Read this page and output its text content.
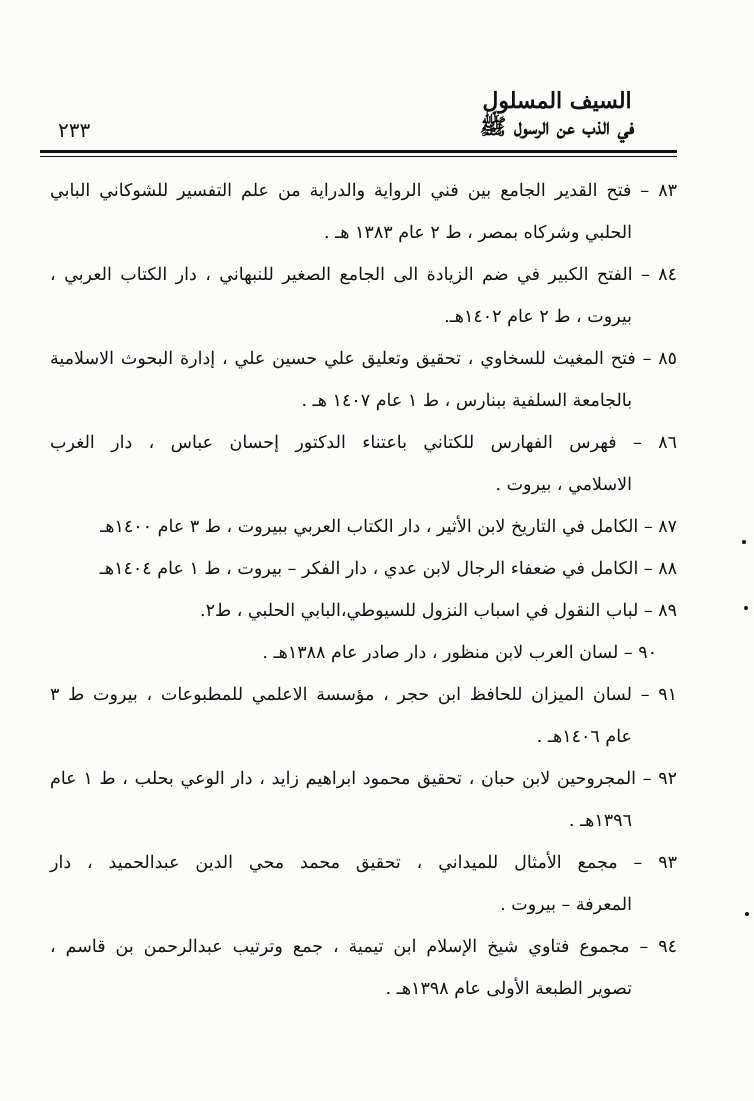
السيف المسلول
في الذب عن الرسول ﷺ
٢٣٣
٨٣ – فتح القدير الجامع بين فني الرواية والدراية من علم التفسير للشوكاني البابي
الحلبي وشركاه بمصر ، ط ٢ عام ١٣٨٣ هـ .
٨٤ – الفتح الكبير في ضم الزيادة الى الجامع الصغير للنبهاني ، دار الكتاب العربي ،
بيروت ، ط ٢ عام ١٤٠٢هـ.
٨٥ – فتح المغيث للسخاوي ، تحقيق وتعليق علي حسين علي ، إدارة البحوث الاسلامية
بالجامعة السلفية ببنارس ، ط ١ عام ١٤٠٧ هـ .
٨٦ – فهرس الفهارس للكتاني باعتناء الدكتور إحسان عباس ، دار الغرب
الاسلامي ، بيروت .
٨٧ – الكامل في التاريخ لابن الأثير ، دار الكتاب العربي ببيروت ، ط ٣ عام ١٤٠٠هـ
٨٨ – الكامل في ضعفاء الرجال لابن عدي ، دار الفكر – بيروت ، ط ١ عام ١٤٠٤هـ
٨٩ – لباب النقول في اسباب النزول للسيوطي،البابي الحلبي ، ط٢.
٩٠ – لسان العرب لابن منظور ، دار صادر عام ١٣٨٨هـ .
٩١ – لسان الميزان للحافظ ابن حجر ، مؤسسة الاعلمي للمطبوعات ، بيروت ط ٣
عام ١٤٠٦هـ .
٩٢ – المجروحين لابن حبان ، تحقيق محمود ابراهيم زايد ، دار الوعي بحلب ، ط ١ عام
١٣٩٦هـ .
٩٣ – مجمع الأمثال للميداني ، تحقيق محمد محي الدين عبدالحميد ، دار
المعرفة – بيروت .
٩٤ – مجموع فتاوي شيخ الإسلام ابن تيمية ، جمع وترتيب عبدالرحمن بن قاسم ،
تصوير الطبعة الأولى عام ١٣٩٨هـ .
